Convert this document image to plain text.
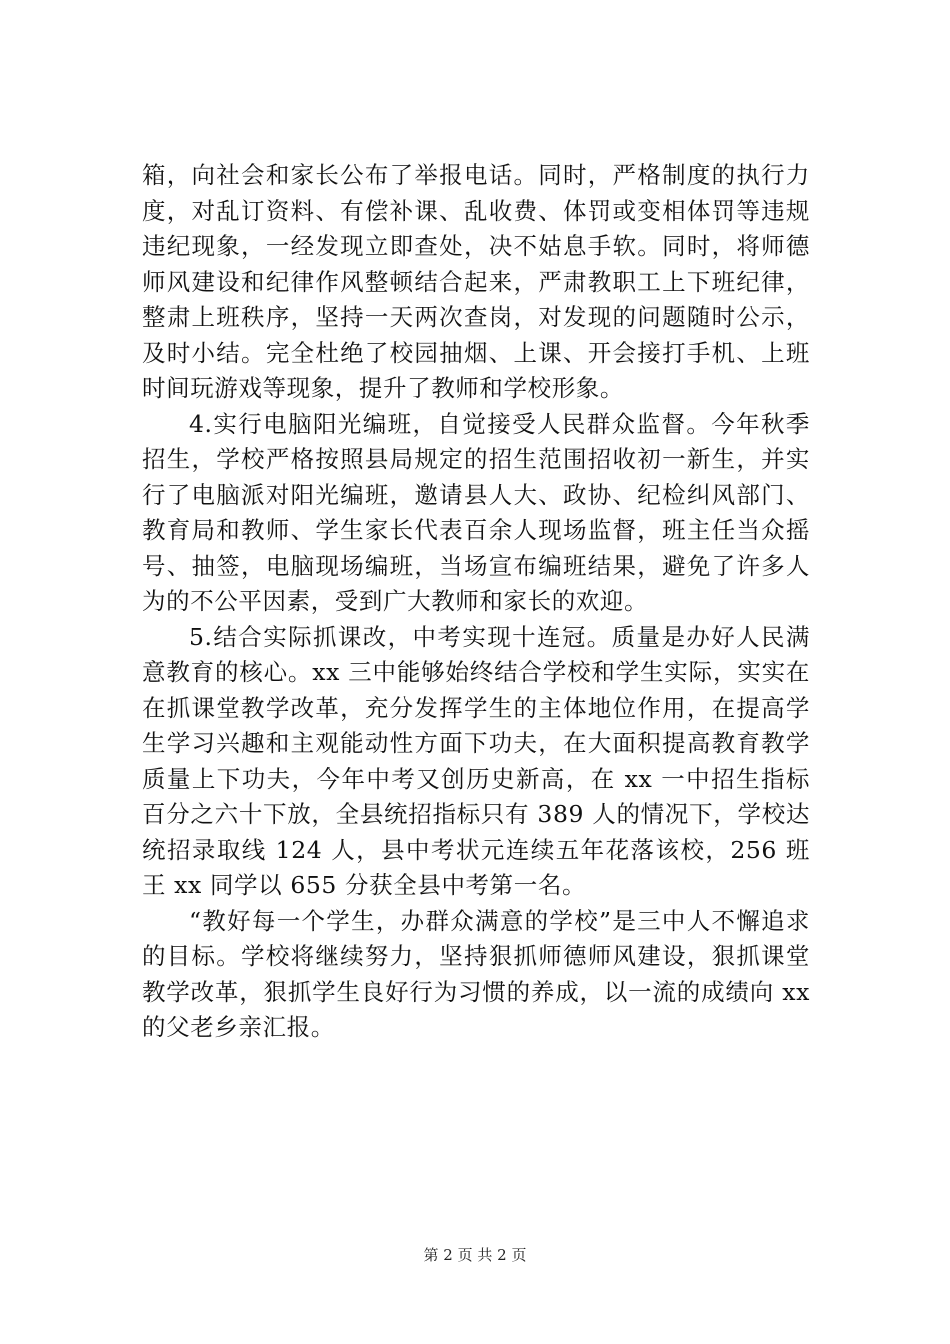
箱，向社会和家长公布了举报电话。同时，严格制度的执行力度，对乱订资料、有偿补课、乱收费、体罚或变相体罚等违规违纪现象，一经发现立即查处，决不姑息手软。同时，将师德师风建设和纪律作风整顿结合起来，严肃教职工上下班纪律，整肃上班秩序，坚持一天两次查岗，对发现的问题随时公示，及时小结。完全杜绝了校园抽烟、上课、开会接打手机、上班时间玩游戏等现象，提升了教师和学校形象。

4.实行电脑阳光编班，自觉接受人民群众监督。今年秋季招生，学校严格按照县局规定的招生范围招收初一新生，并实行了电脑派对阳光编班，邀请县人大、政协、纪检纠风部门、教育局和教师、学生家长代表百余人现场监督，班主任当众摇号、抽签，电脑现场编班，当场宣布编班结果，避免了许多人为的不公平因素，受到广大教师和家长的欢迎。

5.结合实际抓课改，中考实现十连冠。质量是办好人民满意教育的核心。xx 三中能够始终结合学校和学生实际，实实在在抓课堂教学改革，充分发挥学生的主体地位作用，在提高学生学习兴趣和主观能动性方面下功夫，在大面积提高教育教学质量上下功夫，今年中考又创历史新高，在 xx 一中招生指标百分之六十下放，全县统招指标只有 389 人的情况下，学校达统招录取线 124 人，县中考状元连续五年花落该校，256 班王 xx 同学以 655 分获全县中考第一名。

“教好每一个学生，办群众满意的学校”是三中人不懈追求的目标。学校将继续努力，坚持狠抓师德师风建设，狠抓课堂教学改革，狠抓学生良好行为习惯的养成，以一流的成绩向 xx 的父老乡亲汇报。

第 2 页 共 2 页
